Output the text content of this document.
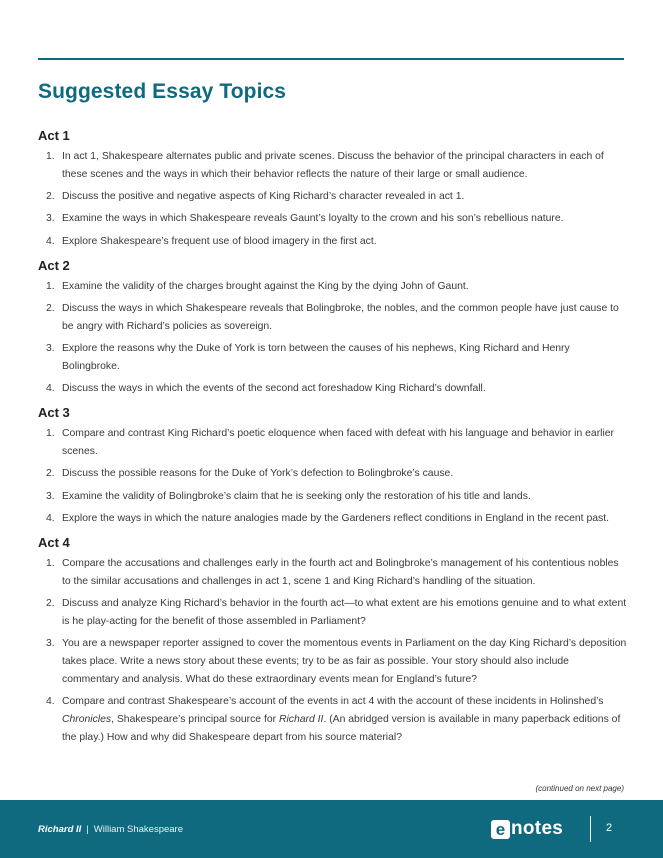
Suggested Essay Topics
Act 1
1. In act 1, Shakespeare alternates public and private scenes. Discuss the behavior of the principal characters in each of these scenes and the ways in which their behavior reflects the nature of their large or small audience.
2. Discuss the positive and negative aspects of King Richard’s character revealed in act 1.
3. Examine the ways in which Shakespeare reveals Gaunt’s loyalty to the crown and his son’s rebellious nature.
4. Explore Shakespeare’s frequent use of blood imagery in the first act.
Act 2
1. Examine the validity of the charges brought against the King by the dying John of Gaunt.
2. Discuss the ways in which Shakespeare reveals that Bolingbroke, the nobles, and the common people have just cause to be angry with Richard’s policies as sovereign.
3. Explore the reasons why the Duke of York is torn between the causes of his nephews, King Richard and Henry Bolingbroke.
4. Discuss the ways in which the events of the second act foreshadow King Richard’s downfall.
Act 3
1. Compare and contrast King Richard’s poetic eloquence when faced with defeat with his language and behavior in earlier scenes.
2. Discuss the possible reasons for the Duke of York’s defection to Bolingbroke’s cause.
3. Examine the validity of Bolingbroke’s claim that he is seeking only the restoration of his title and lands.
4. Explore the ways in which the nature analogies made by the Gardeners reflect conditions in England in the recent past.
Act 4
1. Compare the accusations and challenges early in the fourth act and Bolingbroke’s management of his contentious nobles to the similar accusations and challenges in act 1, scene 1 and King Richard’s handling of the situation.
2. Discuss and analyze King Richard’s behavior in the fourth act—to what extent are his emotions genuine and to what extent is he play-acting for the benefit of those assembled in Parliament?
3. You are a newspaper reporter assigned to cover the momentous events in Parliament on the day King Richard’s deposition takes place. Write a news story about these events; try to be as fair as possible. Your story should also include commentary and analysis. What do these extraordinary events mean for England’s future?
4. Compare and contrast Shakespeare’s account of the events in act 4 with the account of these incidents in Holinshed’s Chronicles, Shakespeare’s principal source for Richard II. (An abridged version is available in many paperback editions of the play.) How and why did Shakespeare depart from his source material?
(continued on next page)
Richard II | William Shakespeare	e notes	2
